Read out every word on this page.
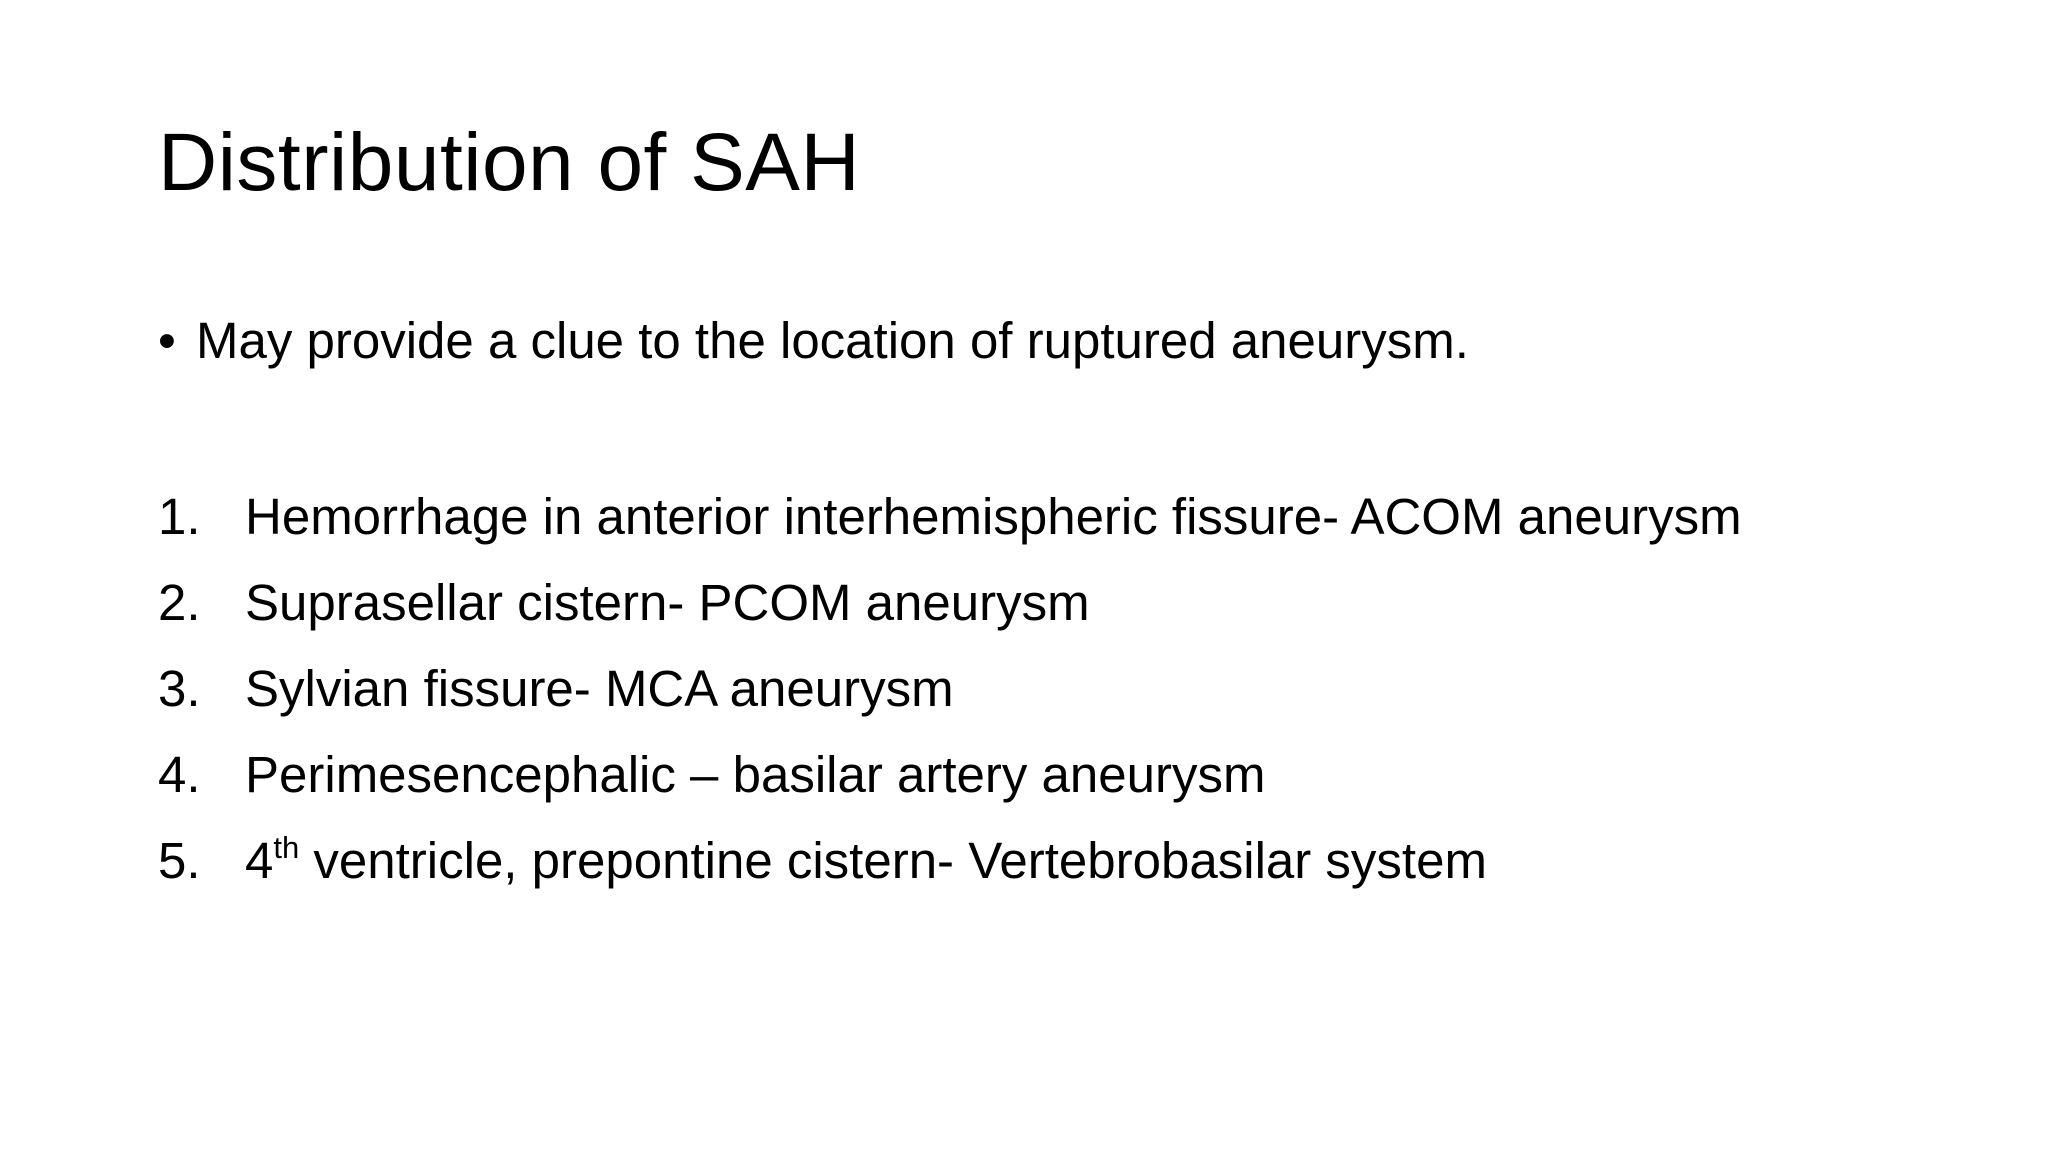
Distribution of SAH
• May provide a clue to the location of ruptured aneurysm.
1. Hemorrhage in anterior interhemispheric fissure- ACOM aneurysm
2. Suprasellar cistern- PCOM aneurysm
3. Sylvian fissure- MCA aneurysm
4. Perimesencephalic – basilar artery aneurysm
5. 4th ventricle, prepontine cistern- Vertebrobasilar system
